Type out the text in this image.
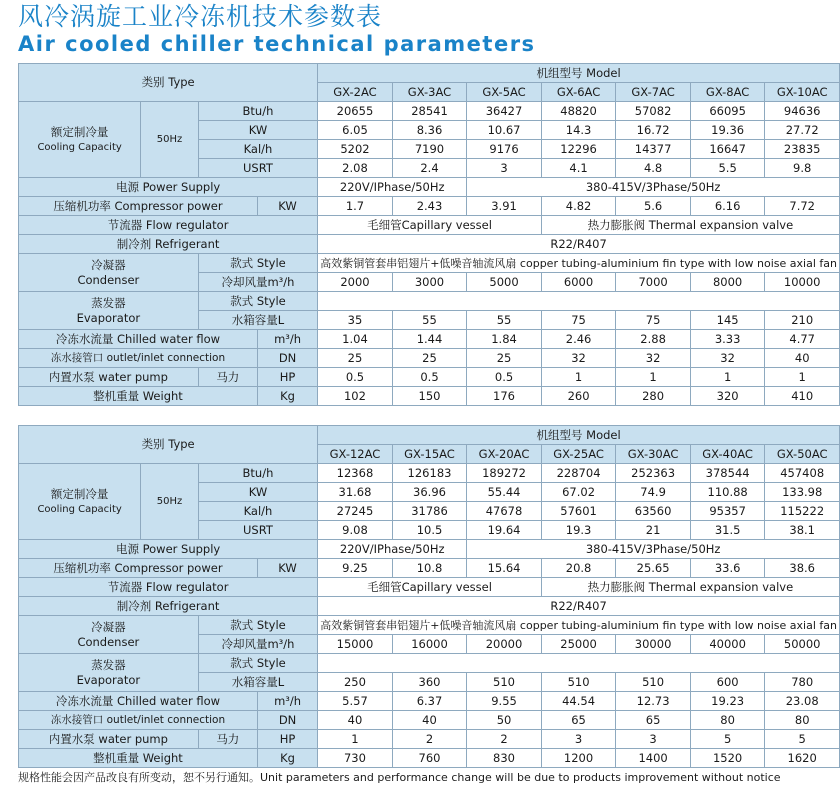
风冷涡旋工业冷冻机技术参数表
Air cooled chiller technical parameters
类别 Type				机组型号 Model						
				GX-2AC	GX-3AC	GX-5AC	GX-6AC	GX-7AC	GX-8AC	GX-10AC

额定制冷量
Cooling Capacity	50Hz	Btu/h		20655	28541	36427	48820	57082	66095	94636
		KW		6.05	8.36	10.67	14.3	16.72	19.36	27.72
		Kal/h		5202	7190	9176	12296	14377	16647	23835
		USRT		2.08	2.4	3	4.1	4.8	5.5	9.8
电源 Power Supply				220V/IPhase/50Hz		380-415V/3Phase/50Hz				
压缩机功率 Compressor power			KW	1.7	2.43	3.91	4.82	5.6	6.16	7.72
节流器 Flow regulator				毛细管Capillary vessel			热力膨胀阀 Thermal expansion valve			
制冷剂 Refrigerant				R22/R407						

冷凝器
Condenser		款式 Style		高效紫铜管套串铝翅片+低噪音轴流风扇 copper tubing-aluminium fin type with low noise axial fan						
		冷却风量m³/h		2000	3000	5000	6000	7000	8000	10000

蒸发器
Evaporator		款式 Style								
		水箱容量L		35	55	55	75	75	145	210
冷冻水流量 Chilled water flow			m³/h	1.04	1.44	1.84	2.46	2.88	3.33	4.77
冻水接管口 outlet/inlet connection			DN	25	25	25	32	32	32	40
内置水泵 water pump		马力	HP	0.5	0.5	0.5	1	1	1	1
整机重量 Weight			Kg	102	150	176	260	280	320	410
类别 Type				机组型号 Model						
				GX-12AC	GX-15AC	GX-20AC	GX-25AC	GX-30AC	GX-40AC	GX-50AC

额定制冷量
Cooling Capacity	50Hz	Btu/h		12368	126183	189272	228704	252363	378544	457408
		KW		31.68	36.96	55.44	67.02	74.9	110.88	133.98
		Kal/h		27245	31786	47678	57601	63560	95357	115222
		USRT		9.08	10.5	19.64	19.3	21	31.5	38.1
电源 Power Supply				220V/IPhase/50Hz		380-415V/3Phase/50Hz				
压缩机功率 Compressor power			KW	9.25	10.8	15.64	20.8	25.65	33.6	38.6
节流器 Flow regulator				毛细管Capillary vessel			热力膨胀阀 Thermal expansion valve			
制冷剂 Refrigerant				R22/R407						

冷凝器
Condenser		款式 Style		高效紫铜管套串铝翅片+低噪音轴流风扇 copper tubing-aluminium fin type with low noise axial fan						
		冷却风量m³/h		15000	16000	20000	25000	30000	40000	50000

蒸发器
Evaporator		款式 Style								
		水箱容量L		250	360	510	510	510	600	780
冷冻水流量 Chilled water flow			m³/h	5.57	6.37	9.55	44.54	12.73	19.23	23.08
冻水接管口 outlet/inlet connection			DN	40	40	50	65	65	80	80
内置水泵 water pump		马力	HP	1	2	2	3	3	5	5
整机重量 Weight			Kg	730	760	830	1200	1400	1520	1620
规格性能会因产品改良有所变动，恕不另行通知。Unit parameters and performance change will be due to products improvement without notice
